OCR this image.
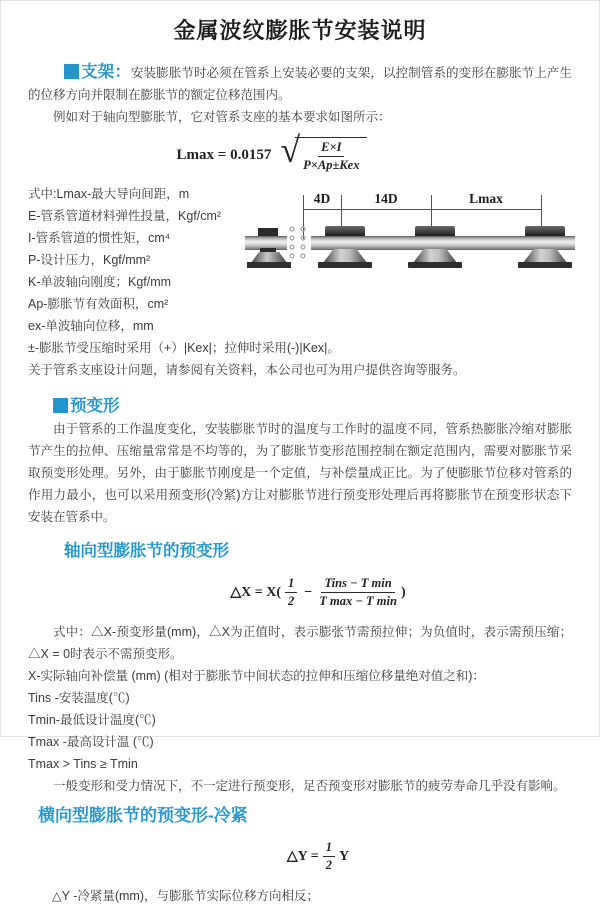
金属波纹膨胀节安装说明

支架：安装膨胀节时必须在管系上安装必要的支架，以控制管系的变形在膨胀节上产生的位移方向并限制在膨胀节的额定位移范围内。

例如对于轴向型膨胀节，它对管系支座的基本要求如图所示：

Lmax = 0.0157 √ $\frac{E\times I}{\text{P×Ap±Kex}}$

式中:Lmax-最大导向间距，m

E-管系管道材料弹性投量，Kgf/cm²

I-管系管道的惯性矩，cm⁴

P-设计压力，Kgf/mm²

K-单波轴向刚度；Kgf/mm

Ap-膨胀节有效面积，cm²

ex-单波轴向位移，mm

±-膨胀节受压缩时采用（+）|Kex|；拉伸时采用(-)|Kex|。

关于管系支座设计问题，请参阅有关资料，本公司也可为用户提供咨询等服务。

预变形

由于管系的工作温度变化，安装膨胀节时的温度与工作时的温度不同，管系热膨胀冷缩对膨胀节产生的拉伸、压缩量常常是不均等的，为了膨胀节变形范围控制在额定范围内，需要对膨胀节采取预变形处理。另外，由于膨胀节刚度是一个定值，与补偿量成正比。为了使膨胀节位移对管系的作用力最小，也可以采用预变形(冷紧)方让对膨胀节进行预变形处理后再将膨胀节在预变形状态下安装在管系中。

轴向型膨胀节的预变形

△X = $X( \frac{1}{2} - \frac{\text{Tins − T min}}{\text{T max − T min}}$ )

式中：△X-预变形量(mm)，△X为正值时，表示膨张节需预拉伸；为负值时，表示需预压缩；△X = 0时表示不需预变形。

X-实际轴向补偿量 (mm) (相对于膨胀节中间状态的拉伸和压缩位移量绝对值之和)：

Tins -安装温度(℃)

Tmin-最低设计温度(℃)

Tmax -最高设计温 (℃)

Tmax > Tins ≥ Tmin

一般变形和受力情况下，不一定进行预变形，足否预变形对膨胀节的疲劳寿命几乎没有影响。

横向型膨胀节的预变形-冷紧

△Y = $\frac{1}{2}$ Y

△Y -冷紧量(mm)，与膨胀节实际位移方向相反；

4D	14D	Lmax
